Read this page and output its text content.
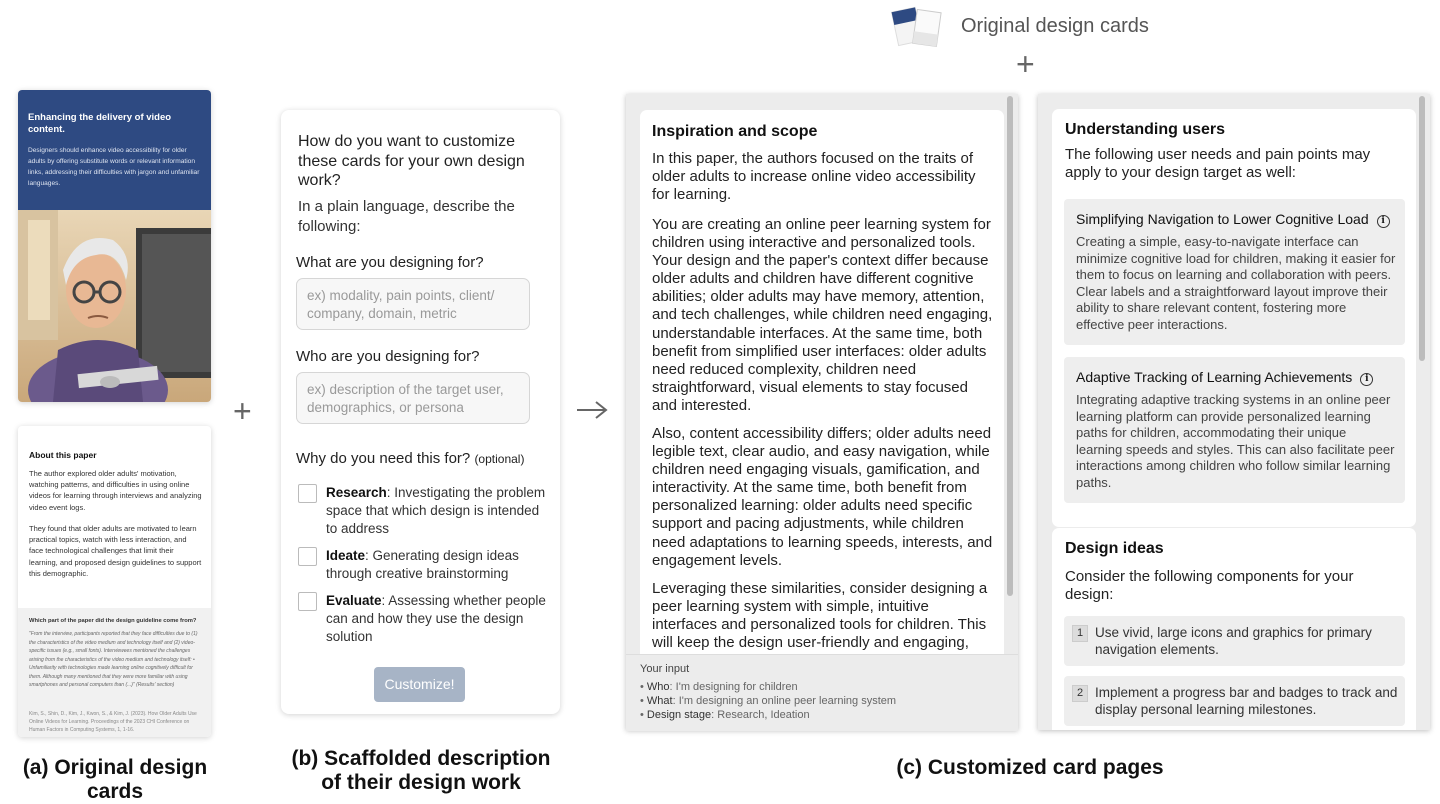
Original design cards
+
Enhancing the delivery of video content.
Designers should enhance video accessibility for older adults by offering substitute words or relevant information links, addressing their difficulties with jargon and unfamiliar languages.
About this paper
The author explored older adults' motivation, watching patterns, and difficulties in using online videos for learning through interviews and analyzing video event logs.
They found that older adults are motivated to learn practical topics, watch with less interaction, and face technological challenges that limit their learning, and proposed design guidelines to support this demographic.
Which part of the paper did the design guideline come from?
"From the interview, participants reported that they face difficulties due to (1) the characteristics of the video medium and technology itself and (2) video-specific issues (e.g., small fonts). Interviewees mentioned the challenges arising from the characteristics of the video medium and technology itself: • Unfamiliarity with technologies made learning online cognitively difficult for them. Although many mentioned that they were more familiar with using smartphones and personal computers than (...)" (Results' section)
Kim, S., Shin, D., Kim, J., Kwon, S., & Kim, J. (2023). How Older Adults Use Online Videos for Learning. Proceedings of the 2023 CHI Conference on Human Factors in Computing Systems, 1, 1-16.
(a) Original design cards
+
How do you want to customize these cards for your own design work?
In a plain language, describe the following:
What are you designing for?
ex) modality, pain points, client/ company, domain, metric
Who are you designing for?
ex) description of the target user, demographics, or persona
Why do you need this for? (optional)
Research: Investigating the problem space that which design is intended to address
Ideate: Generating design ideas through creative brainstorming
Evaluate: Assessing whether people can and how they use the design solution
Customize!
(b) Scaffolded description
of their design work
Inspiration and scope
In this paper, the authors focused on the traits of older adults to increase online video accessibility for learning.
You are creating an online peer learning system for children using interactive and personalized tools. Your design and the paper's context differ because older adults and children have different cognitive abilities; older adults may have memory, attention, and tech challenges, while children need engaging, understandable interfaces. At the same time, both benefit from simplified user interfaces: older adults need reduced complexity, children need straightforward, visual elements to stay focused and interested.
Also, content accessibility differs; older adults need legible text, clear audio, and easy navigation, while children need engaging visuals, gamification, and interactivity. At the same time, both benefit from personalized learning: older adults need specific support and pacing adjustments, while children need adaptations to learning speeds, interests, and engagement levels.
Leveraging these similarities, consider designing a peer learning system with simple, intuitive interfaces and personalized tools for children. This will keep the design user-friendly and engaging,
Your input
• Who: I'm designing for children
• What: I'm designing an online peer learning system
• Design stage: Research, Ideation
Understanding users
The following user needs and pain points may apply to your design target as well:
Simplifying Navigation to Lower Cognitive Load i
Creating a simple, easy-to-navigate interface can minimize cognitive load for children, making it easier for them to focus on learning and collaboration with peers. Clear labels and a straightforward layout improve their ability to share relevant content, fostering more effective peer interactions.
Adaptive Tracking of Learning Achievements i
Integrating adaptive tracking systems in an online peer learning platform can provide personalized learning paths for children, accommodating their unique learning speeds and styles. This can also facilitate peer interactions among children who follow similar learning paths.
Design ideas
Consider the following components for your design:
1 Use vivid, large icons and graphics for primary navigation elements.
2 Implement a progress bar and badges to track and display personal learning milestones.
(c) Customized card pages
